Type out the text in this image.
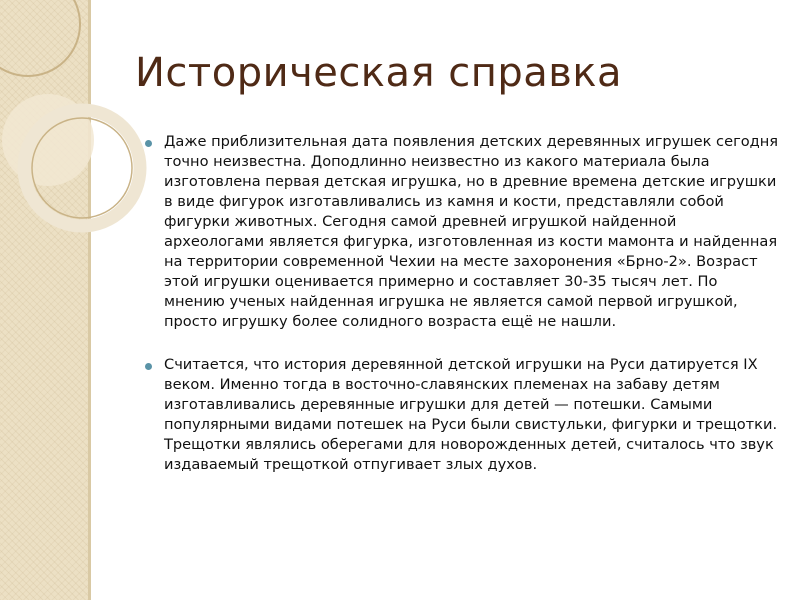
Историческая справка

Даже приблизительная дата появления детских деревянных игрушек сегодня точно неизвестна. Доподлинно неизвестно из какого материала была изготовлена первая детская игрушка, но в древние времена детские игрушки в виде фигурок изготавливались из камня и кости, представляли собой фигурки животных. Сегодня самой древней игрушкой найденной археологами является фигурка, изготовленная из кости мамонта и найденная на территории современной Чехии на месте захоронения «Брно-2». Возраст этой игрушки оценивается примерно и составляет 30-35 тысяч лет. По мнению ученых найденная игрушка не является самой первой игрушкой, просто игрушку более солидного возраста ещё не нашли.

Считается, что история деревянной детской игрушки на Руси датируется IX веком. Именно тогда в восточно-славянских племенах на забаву детям изготавливались деревянные игрушки для детей — потешки. Самыми популярными видами потешек на Руси были свистульки, фигурки и трещотки. Трещотки являлись оберегами для новорожденных детей, считалось что звук издаваемый трещоткой отпугивает злых духов.
